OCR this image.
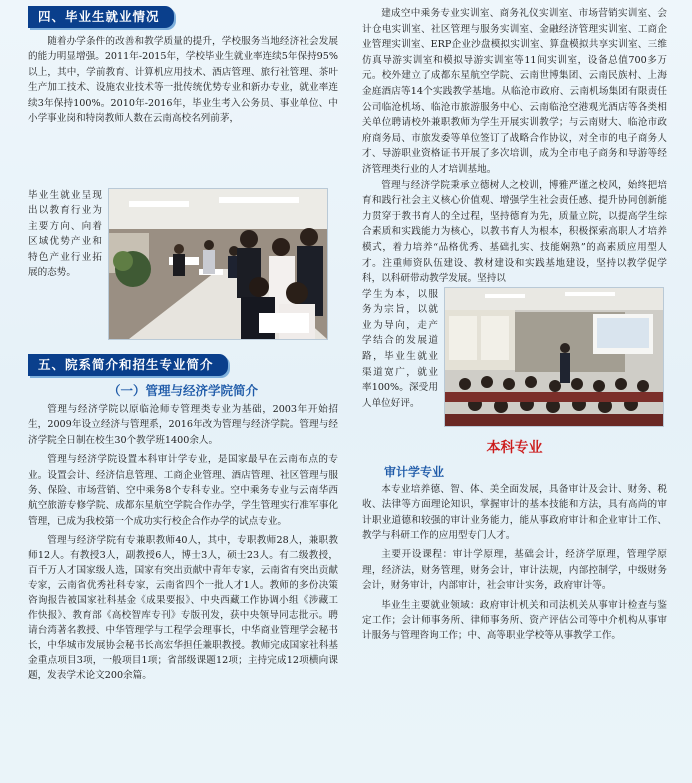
四、毕业生就业情况

随着办学条件的改善和教学质量的提升，学校服务当地经济社会发展的能力明显增强。2011年-2015年，学校毕业生就业率连续5年保持95%以上，其中，学前教育、计算机应用技术、酒店管理、旅行社管理、茶叶生产加工技术、设施农业技术等一批传统优势专业和新办专业，就业率连续3年保持100%。2010年-2016年，毕业生考入公务员、事业单位、中小学事业岗和特岗教师人数在云南高校名列前茅，

毕业生就业呈现出以教育行业为主要方向、向着区域优势产业和特色产业行业拓展的态势。

五、院系简介和招生专业简介
（一）管理与经济学院简介

管理与经济学院以原临沧师专管理类专业为基础，2003年开始招生，2009年设立经济与管理系，2016年改为管理与经济学院。管理与经济学院全日制在校生30个教学班1400余人。

管理与经济学院设置本科审计学专业，是国家最早在云南布点的专业。设置会计、经济信息管理、工商企业管理、酒店管理、社区管理与服务、保险、市场营销、空中乘务8个专科专业。空中乘务专业与云南华西航空旅游专修学院、成都东星航空学院合作办学，学生管理实行准军事化管理，已成为我校第一个成功实行校企合作办学的试点专业。

管理与经济学院有专兼职教师40人，其中，专职教师28人，兼职教师12人。有教授3人，副教授6人，博士3人，硕士23人。有二级教授，百千万人才国家级人选，国家有突出贡献中青年专家，云南省有突出贡献专家，云南省优秀社科专家，云南省四个一批人才1人。教师的多份决策咨询报告被国家社科基金《成果要报》、中央西藏工作协调小组《涉藏工作快报》、教育部《高校智库专刊》专版刊发，获中央领导同志批示。聘请台湾著名教授、中华管理学与工程学会理事长，中华商业管理学会秘书长，中华城市发展协会秘书长高宏华担任兼职教授。教师完成国家社科基金重点项目3项，一般项目1项；省部级课题12项；主持完成12项横向课题，发表学术论文200余篇。

建成空中乘务专业实训室、商务礼仪实训室、市场营销实训室、会计仓电实训室、社区管理与服务实训室、金融经济管理实训室、工商企业管理实训室、ERP企业沙盘模拟实训室、算盘模拟共享实训室、三维仿真导游实训室和模拟导游实训室等11间实训室，设备总值700多万元。校外建立了成都东星航空学院、云南世博集团、云南民族村、上海金庭酒店等14个实践教学基地。从临沧市政府、云南机场集团有限责任公司临沧机场、临沧市旅游服务中心、云南临沧空港观光酒店等各类相关单位聘请校外兼职教师为学生开展实训教学；与云南财大、临沧市政府商务局、市旅发委等单位签订了战略合作协议，对全市的电子商务人才、导游职业资格证书开展了多次培训，成为全市电子商务和导游等经济管理类行业的人才培训基地。

管理与经济学院秉承立德树人之校训，博雅严谨之校风，始终把培育和践行社会主义核心价值观、增强学生社会责任感、提升协同创新能力贯穿于教书育人的全过程，坚持德育为先，质量立院，以提高学生综合素质和实践能力为核心，以教书育人为根本，积极探索高职人才培养模式，着力培养“品格优秀、基础扎实、技能娴熟”的高素质应用型人才。注重师资队伍建设、教材建设和实践基地建设，坚持以教学促学科，以科研带动教学发展。坚持以

学生为本，以服务为宗旨，以就业为导向，走产学结合的发展道路，毕业生就业渠道宽广，就业率100%。深受用人单位好评。

本科专业
审计学专业

本专业培养德、智、体、美全面发展，具备审计及会计、财务、税收、法律等方面理论知识，掌握审计的基本技能和方法，具有高尚的审计职业道德和较强的审计业务能力，能从事政府审计和企业审计工作、教学与科研工作的应用型专门人才。

主要开设课程：审计学原理，基础会计，经济学原理，管理学原理，经济法，财务管理，财务会计，审计法规，内部控制学，中级财务会计，财务审计，内部审计，社会审计实务，政府审计等。

毕业生主要就业领域：政府审计机关和司法机关从事审计检查与鉴定工作；会计师事务所、律师事务所、资产评估公司等中介机构从事审计服务与管理咨询工作；中、高等职业学校等从事教学工作。
